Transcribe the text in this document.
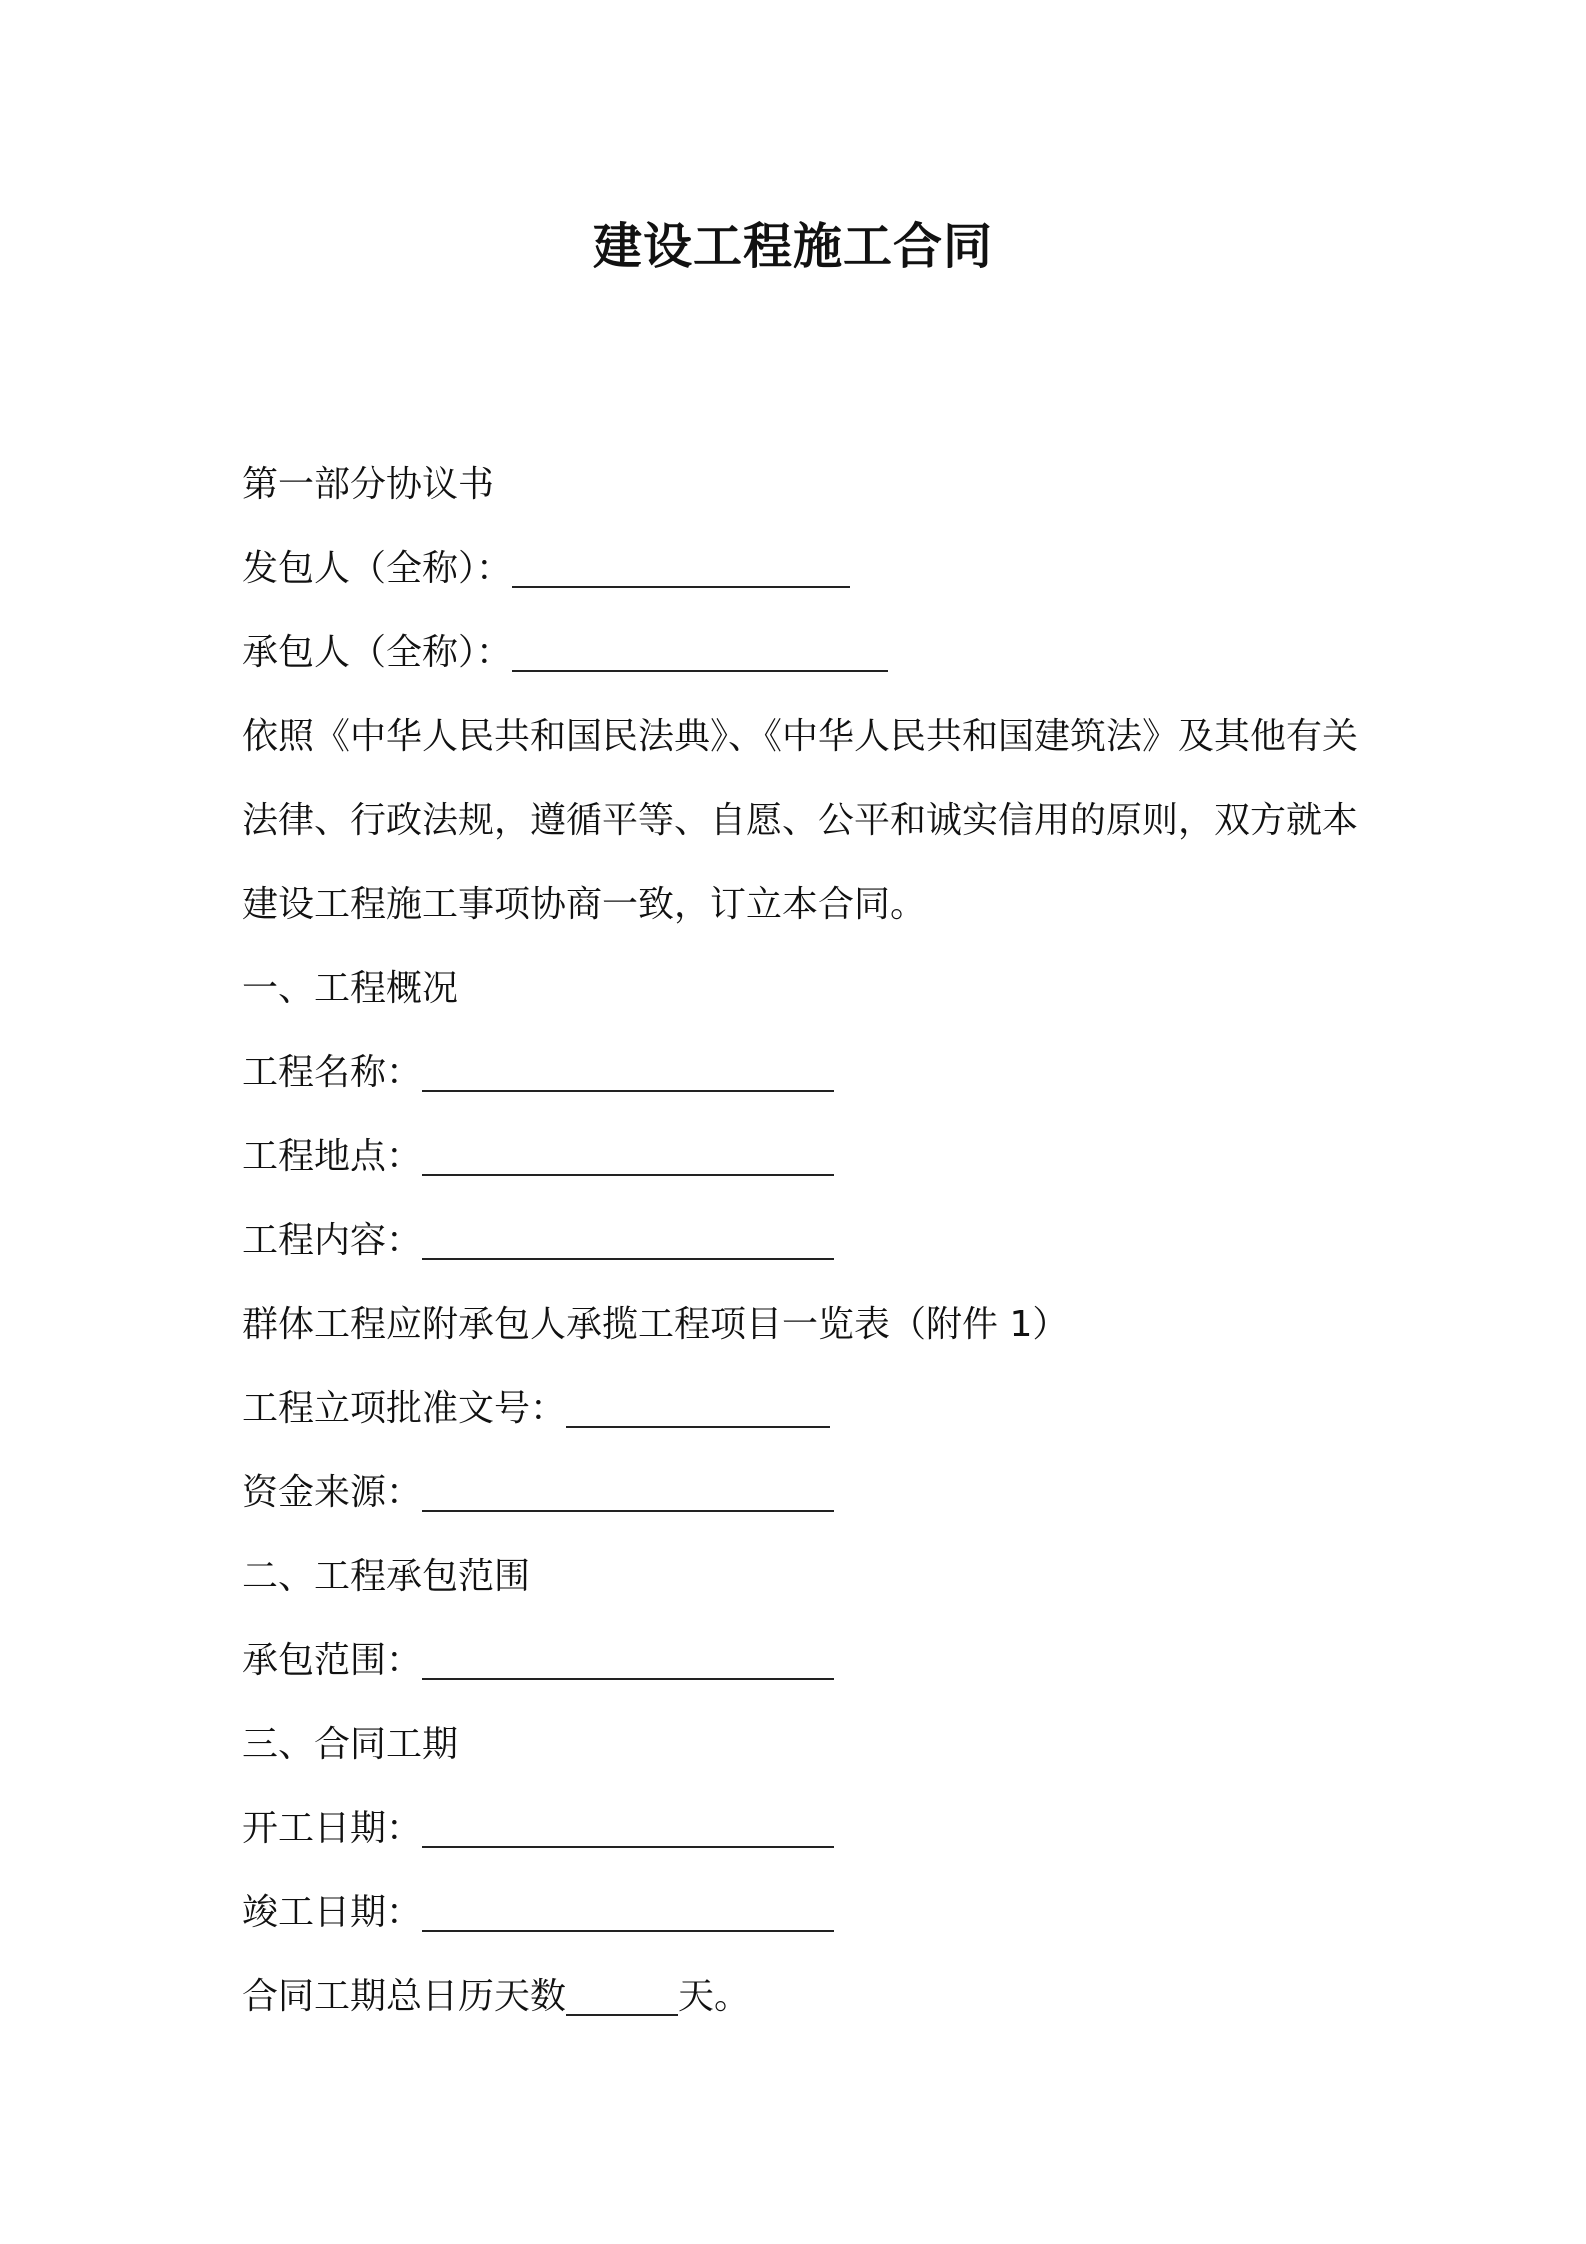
建设工程施工合同
第一部分协议书
发包人（全称）：
承包人（全称）：
依照《中华人民共和国民法典》、《中华人民共和国建筑法》及其他有关法律、行政法规，遵循平等、自愿、公平和诚实信用的原则，双方就本建设工程施工事项协商一致，订立本合同。
一、工程概况
工程名称：
工程地点：
工程内容：
群体工程应附承包人承揽工程项目一览表（附件 1）
工程立项批准文号：
资金来源：
二、工程承包范围
承包范围：
三、合同工期
开工日期：
竣工日期：
合同工期总日历天数	天。
